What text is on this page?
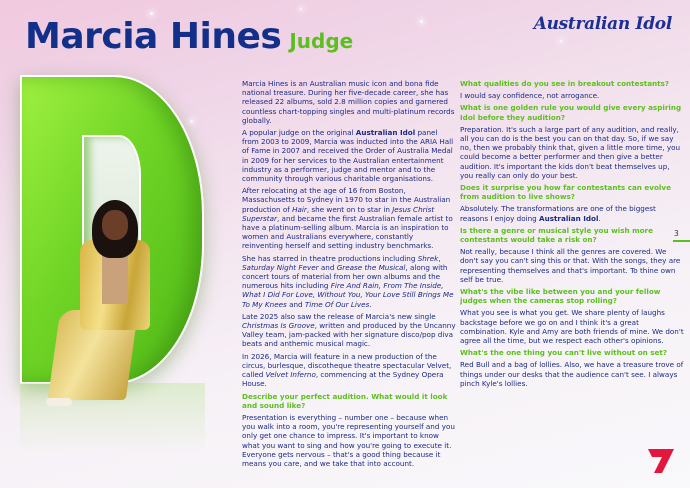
Marcia Hines Judge
Australian Idol

Marcia Hines is an Australian music icon and bona fide national treasure. During her five-decade career, she has released 22 albums, sold 2.8 million copies and garnered countless chart-topping singles and multi-platinum records globally.

A popular judge on the original Australian Idol panel from 2003 to 2009, Marcia was inducted into the ARIA Hall of Fame in 2007 and received the Order of Australia Medal in 2009 for her services to the Australian entertainment industry as a performer, judge and mentor and to the community through various charitable organisations.

After relocating at the age of 16 from Boston, Massachusetts to Sydney in 1970 to star in the Australian production of Hair, she went on to star in Jesus Christ Superstar, and became the first Australian female artist to have a platinum-selling album. Marcia is an inspiration to women and Australians everywhere, constantly reinventing herself and setting industry benchmarks.

She has starred in theatre productions including Shrek, Saturday Night Fever and Grease the Musical, along with concert tours of material from her own albums and the numerous hits including Fire And Rain, From The Inside, What I Did For Love, Without You, Your Love Still Brings Me To My Knees and Time Of Our Lives.

Late 2025 also saw the release of Marcia's new single Christmas Is Groove, written and produced by the Uncanny Valley team, jam-packed with her signature disco/pop diva beats and anthemic musical magic.

In 2026, Marcia will feature in a new production of the circus, burlesque, discotheque theatre spectacular Velvet, called Velvet Inferno, commencing at the Sydney Opera House.

Describe your perfect audition. What would it look and sound like?

Presentation is everything – number one – because when you walk into a room, you're representing yourself and you only get one chance to impress. It's important to know what you want to sing and how you're going to execute it. Everyone gets nervous – that's a good thing because it means you care, and we take that into account.

What qualities do you see in breakout contestants?

I would say confidence, not arrogance.

What is one golden rule you would give every aspiring Idol before they audition?

Preparation. It's such a large part of any audition, and really, all you can do is the best you can on that day. So, if we say no, then we probably think that, given a little more time, you could become a better performer and then give a better audition. It's important the kids don't beat themselves up, you really can only do your best.

Does it surprise you how far contestants can evolve from audition to live shows?

Absolutely. The transformations are one of the biggest reasons I enjoy doing Australian Idol.

Is there a genre or musical style you wish more contestants would take a risk on?

Not really, because I think all the genres are covered. We don't say you can't sing this or that. With the songs, they are representing themselves and that's important. To thine own self be true.

What's the vibe like between you and your fellow judges when the cameras stop rolling?

What you see is what you get. We share plenty of laughs backstage before we go on and I think it's a great combination. Kyle and Amy are both friends of mine. We don't agree all the time, but we respect each other's opinions.

What's the one thing you can't live without on set?

Red Bull and a bag of lollies. Also, we have a treasure trove of things under our desks that the audience can't see. I always pinch Kyle's lollies.

3
